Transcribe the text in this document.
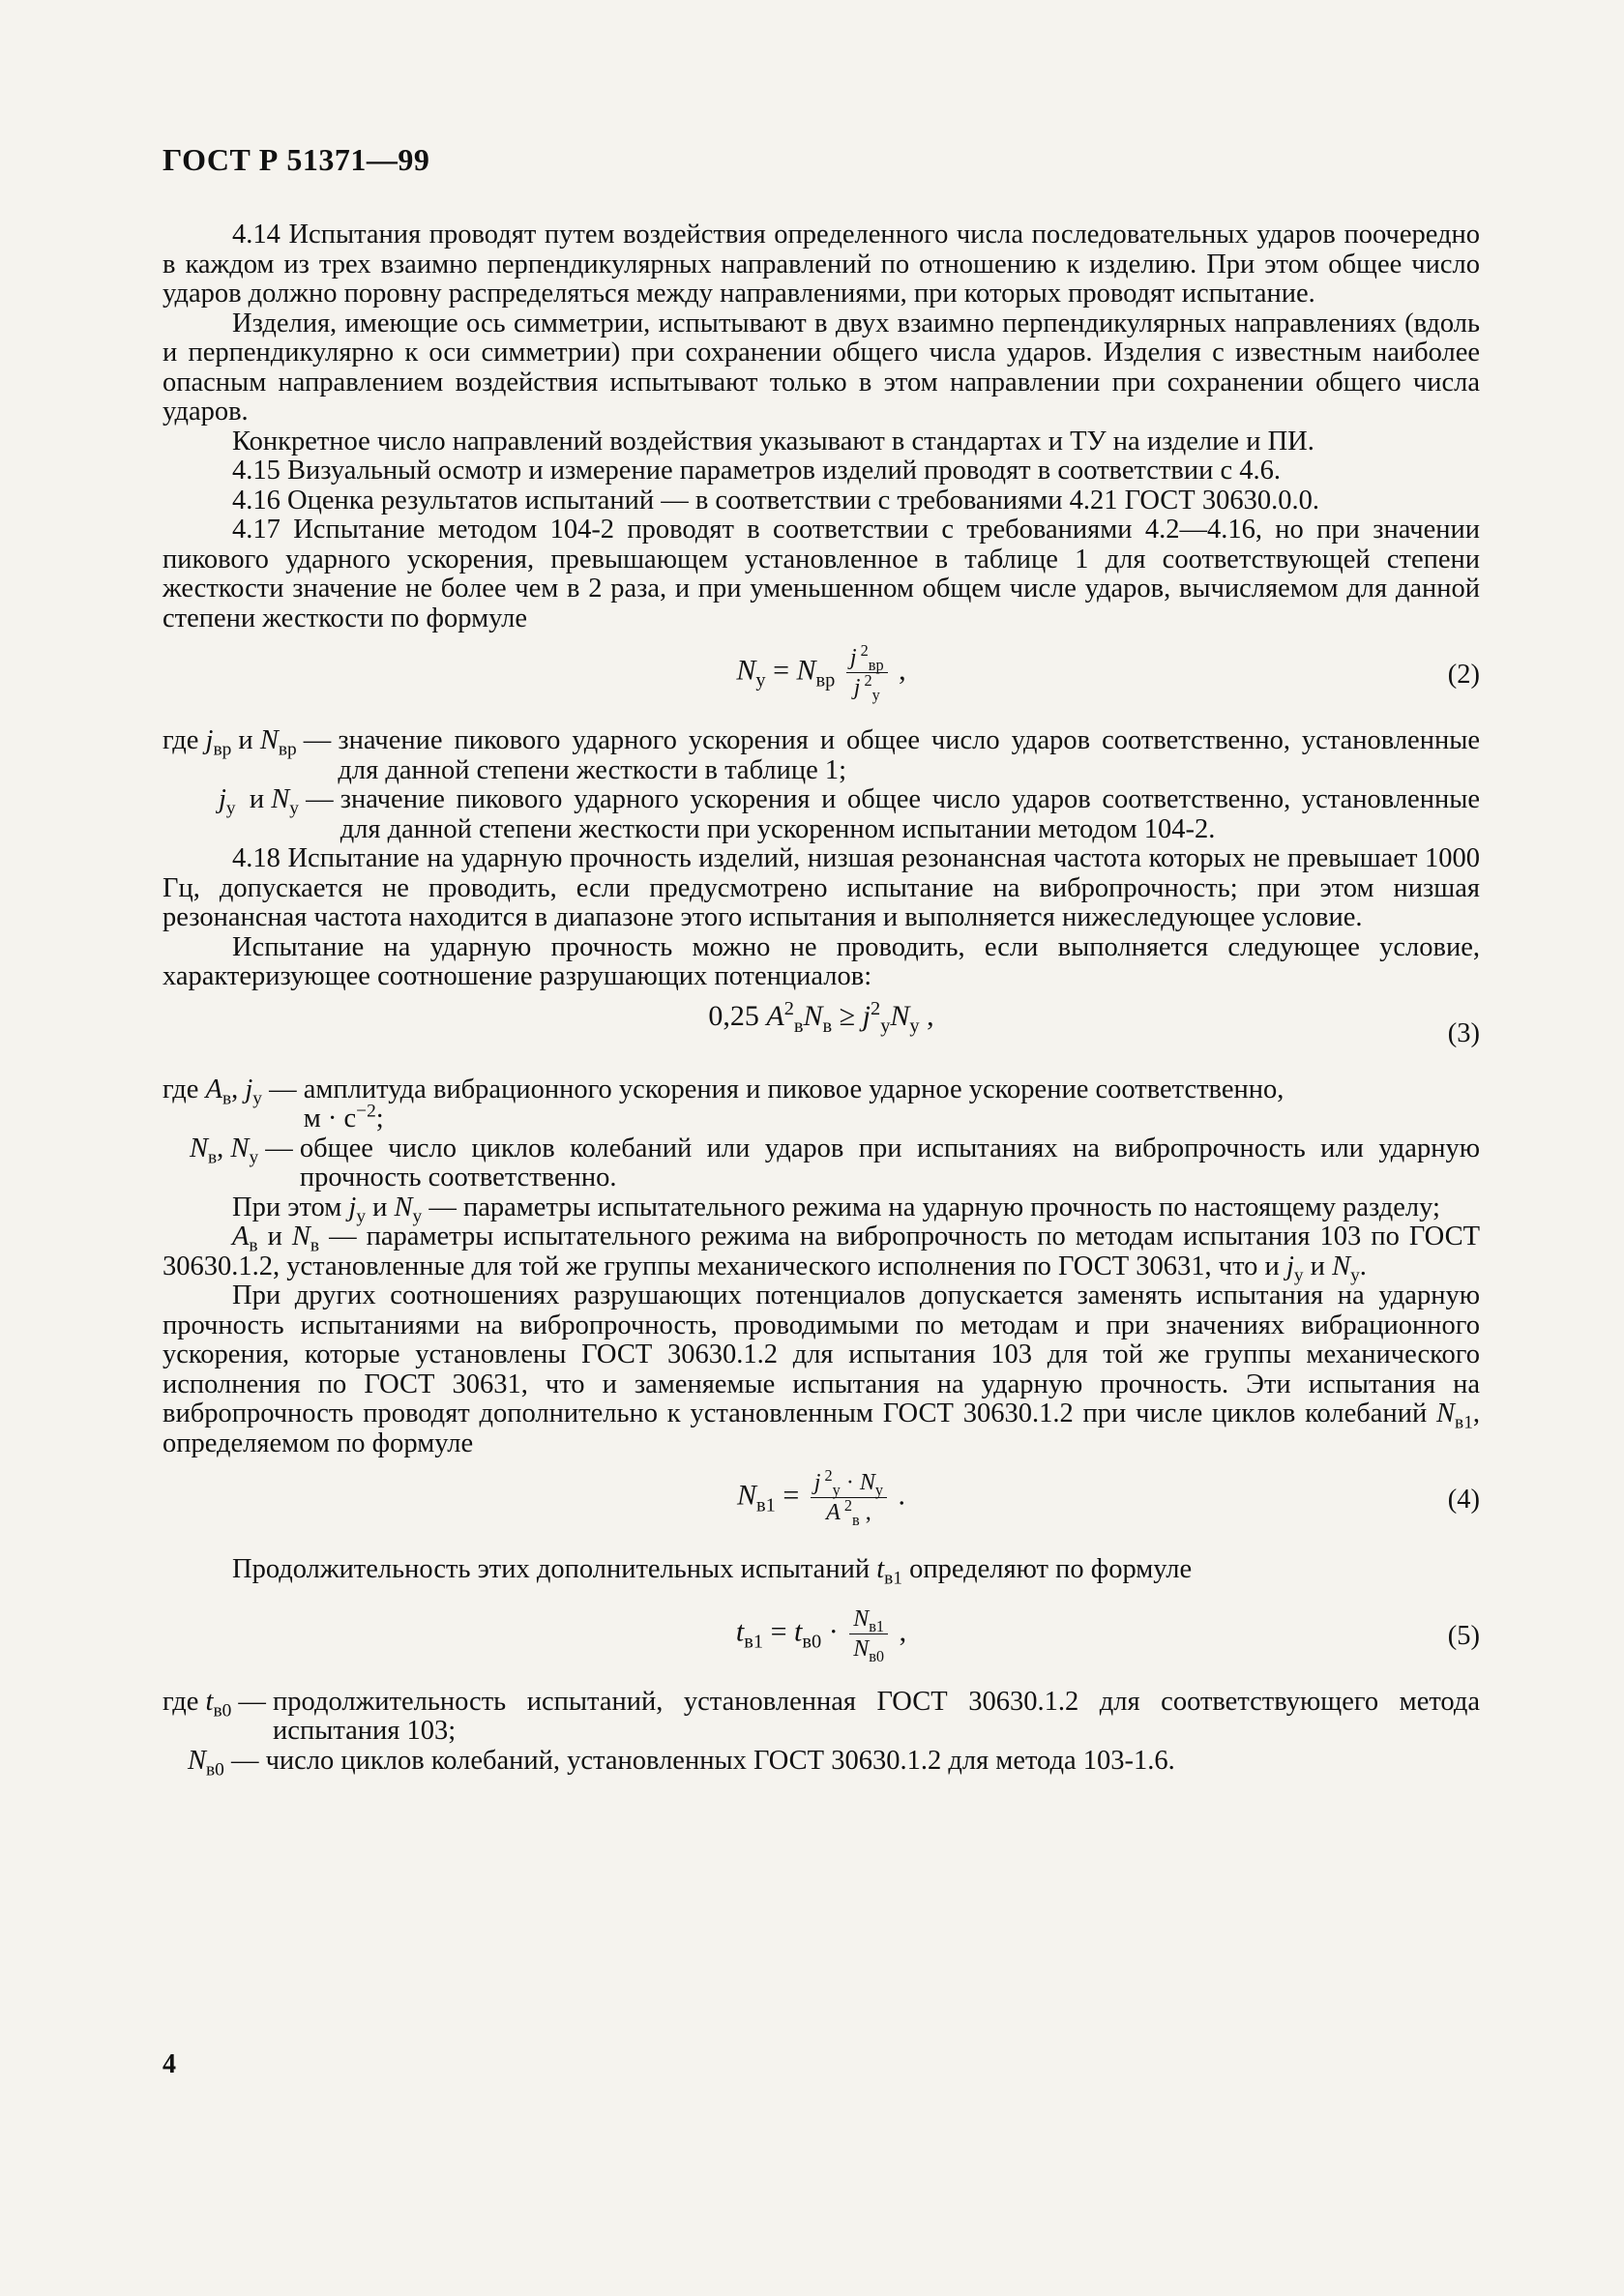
ГОСТ Р 51371—99

4.14 Испытания проводят путем воздействия определенного числа последовательных ударов поочередно в каждом из трех взаимно перпендикулярных направлений по отношению к изделию. При этом общее число ударов должно поровну распределяться между направлениями, при которых проводят испытание.

Изделия, имеющие ось симметрии, испытывают в двух взаимно перпендикулярных направлениях (вдоль и перпендикулярно к оси симметрии) при сохранении общего числа ударов. Изделия с известным наиболее опасным направлением воздействия испытывают только в этом направлении при сохранении общего числа ударов.

Конкретное число направлений воздействия указывают в стандартах и ТУ на изделие и ПИ.

4.15 Визуальный осмотр и измерение параметров изделий проводят в соответствии с 4.6.

4.16 Оценка результатов испытаний — в соответствии с требованиями 4.21 ГОСТ 30630.0.0.

4.17 Испытание методом 104-2 проводят в соответствии с требованиями 4.2—4.16, но при значении пикового ударного ускорения, превышающем установленное в таблице 1 для соответствующей степени жесткости значение не более чем в 2 раза, и при уменьшенном общем числе ударов, вычисляемом для данной степени жесткости по формуле

$N_у = N_{вр} \frac{j ^2_{вр}}{j ^2_у}$ ,	(2)
где $j_{вр}$ и $N_{вр}$ — значение пикового ударного ускорения и общее число ударов соответственно, установленные для данной степени жесткости в таблице 1;
$j_у$  и $N_у$ — значение пикового ударного ускорения и общее число ударов соответственно, установленные для данной степени жесткости при ускоренном испытании методом 104-2.

4.18 Испытание на ударную прочность изделий, низшая резонансная частота которых не превышает 1000 Гц, допускается не проводить, если предусмотрено испытание на вибропрочность; при этом низшая резонансная частота находится в диапазоне этого испытания и выполняется нижеследующее условие.

Испытание на ударную прочность можно не проводить, если выполняется следующее условие, характеризующее соотношение разрушающих потенциалов:

0,25 $A^2_вN_в \ge j^2_уN_у$ ,
(3)
где $A_в$, $j_у$ — амплитуда вибрационного ускорения и пиковое ударное ускорение соответственно,
$м \cdot с^{-2}$;
$N_в$, $N_у$ — общее число циклов колебаний или ударов при испытаниях на вибропрочность или ударную прочность соответственно.

При этом $j_у$ и $N_у$ — параметры испытательного режима на ударную прочность по настоящему разделу;

$A_в$ и $N_в$ — параметры испытательного режима на вибропрочность по методам испытания 103 по ГОСТ 30630.1.2, установленные для той же группы механического исполнения по ГОСТ 30631, что и $j_у$ и $N_у$.

При других соотношениях разрушающих потенциалов допускается заменять испытания на ударную прочность испытаниями на вибропрочность, проводимыми по методам и при значениях вибрационного ускорения, которые установлены ГОСТ 30630.1.2 для испытания 103 для той же группы механического исполнения по ГОСТ 30631, что и заменяемые испытания на ударную прочность. Эти испытания на вибропрочность проводят дополнительно к установленным ГОСТ 30630.1.2 при числе циклов колебаний $N_{в1}$, определяемом по формуле

$N_{в1} = \frac{j ^2_у \cdot N_у}{A ^2_в ,}$ .	(4)

Продолжительность этих дополнительных испытаний $t_{в1}$ определяют по формуле

$t_{в1} = t_{в0} \cdot \frac{N_{в1}}{N_{в0}}$ ,	(5)
где $t_{в0}$ — продолжительность испытаний, установленная ГОСТ 30630.1.2 для соответствующего метода испытания 103;
$N_{в0}$ — число циклов колебаний, установленных ГОСТ 30630.1.2 для метода 103-1.6.
4
